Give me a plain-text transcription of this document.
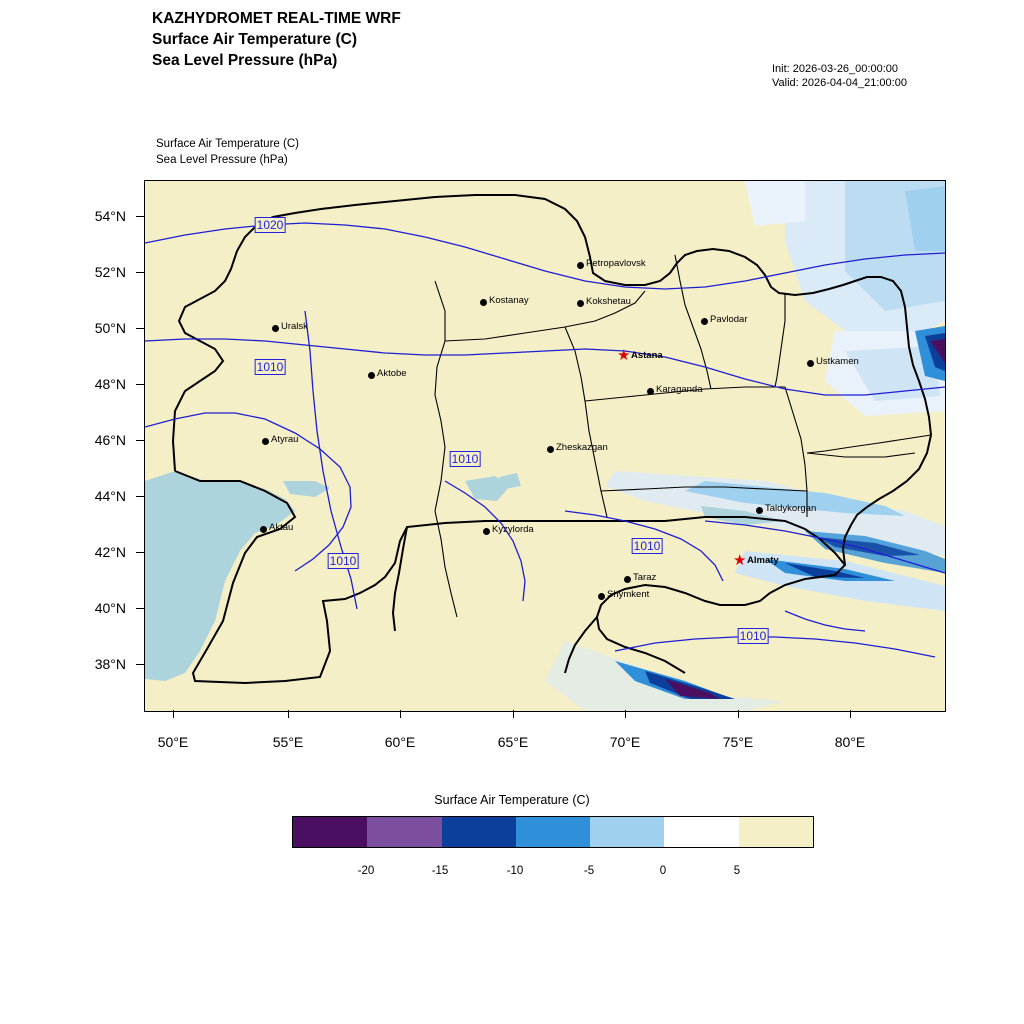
KAZHYDROMET REAL-TIME WRF
Surface Air Temperature (C)
Sea Level Pressure (hPa)	Init: 2026-03-26_00:00:00
Valid: 2026-04-04_21:00:00
Surface Air Temperature (C)
Sea Level Pressure (hPa)
1020
1010
1010
1010
1010
1010
Petropavlovsk
Kostanay	Kokshetau
Pavlodar
Uralsk
★ Astana
Ustkamen
Aktobe
Karaganda
Atyrau
Zheskazgan
Taldykorgan
Aktau	Kyzylorda
★ Almaty
Taraz
Shymkent
54°N
52°N
50°N
48°N
46°N
44°N
42°N
40°N
38°N
50°E	55°E	60°E	65°E	70°E	75°E	80°E
Surface Air Temperature (C)
-20	-15	-10	-5	0	5
